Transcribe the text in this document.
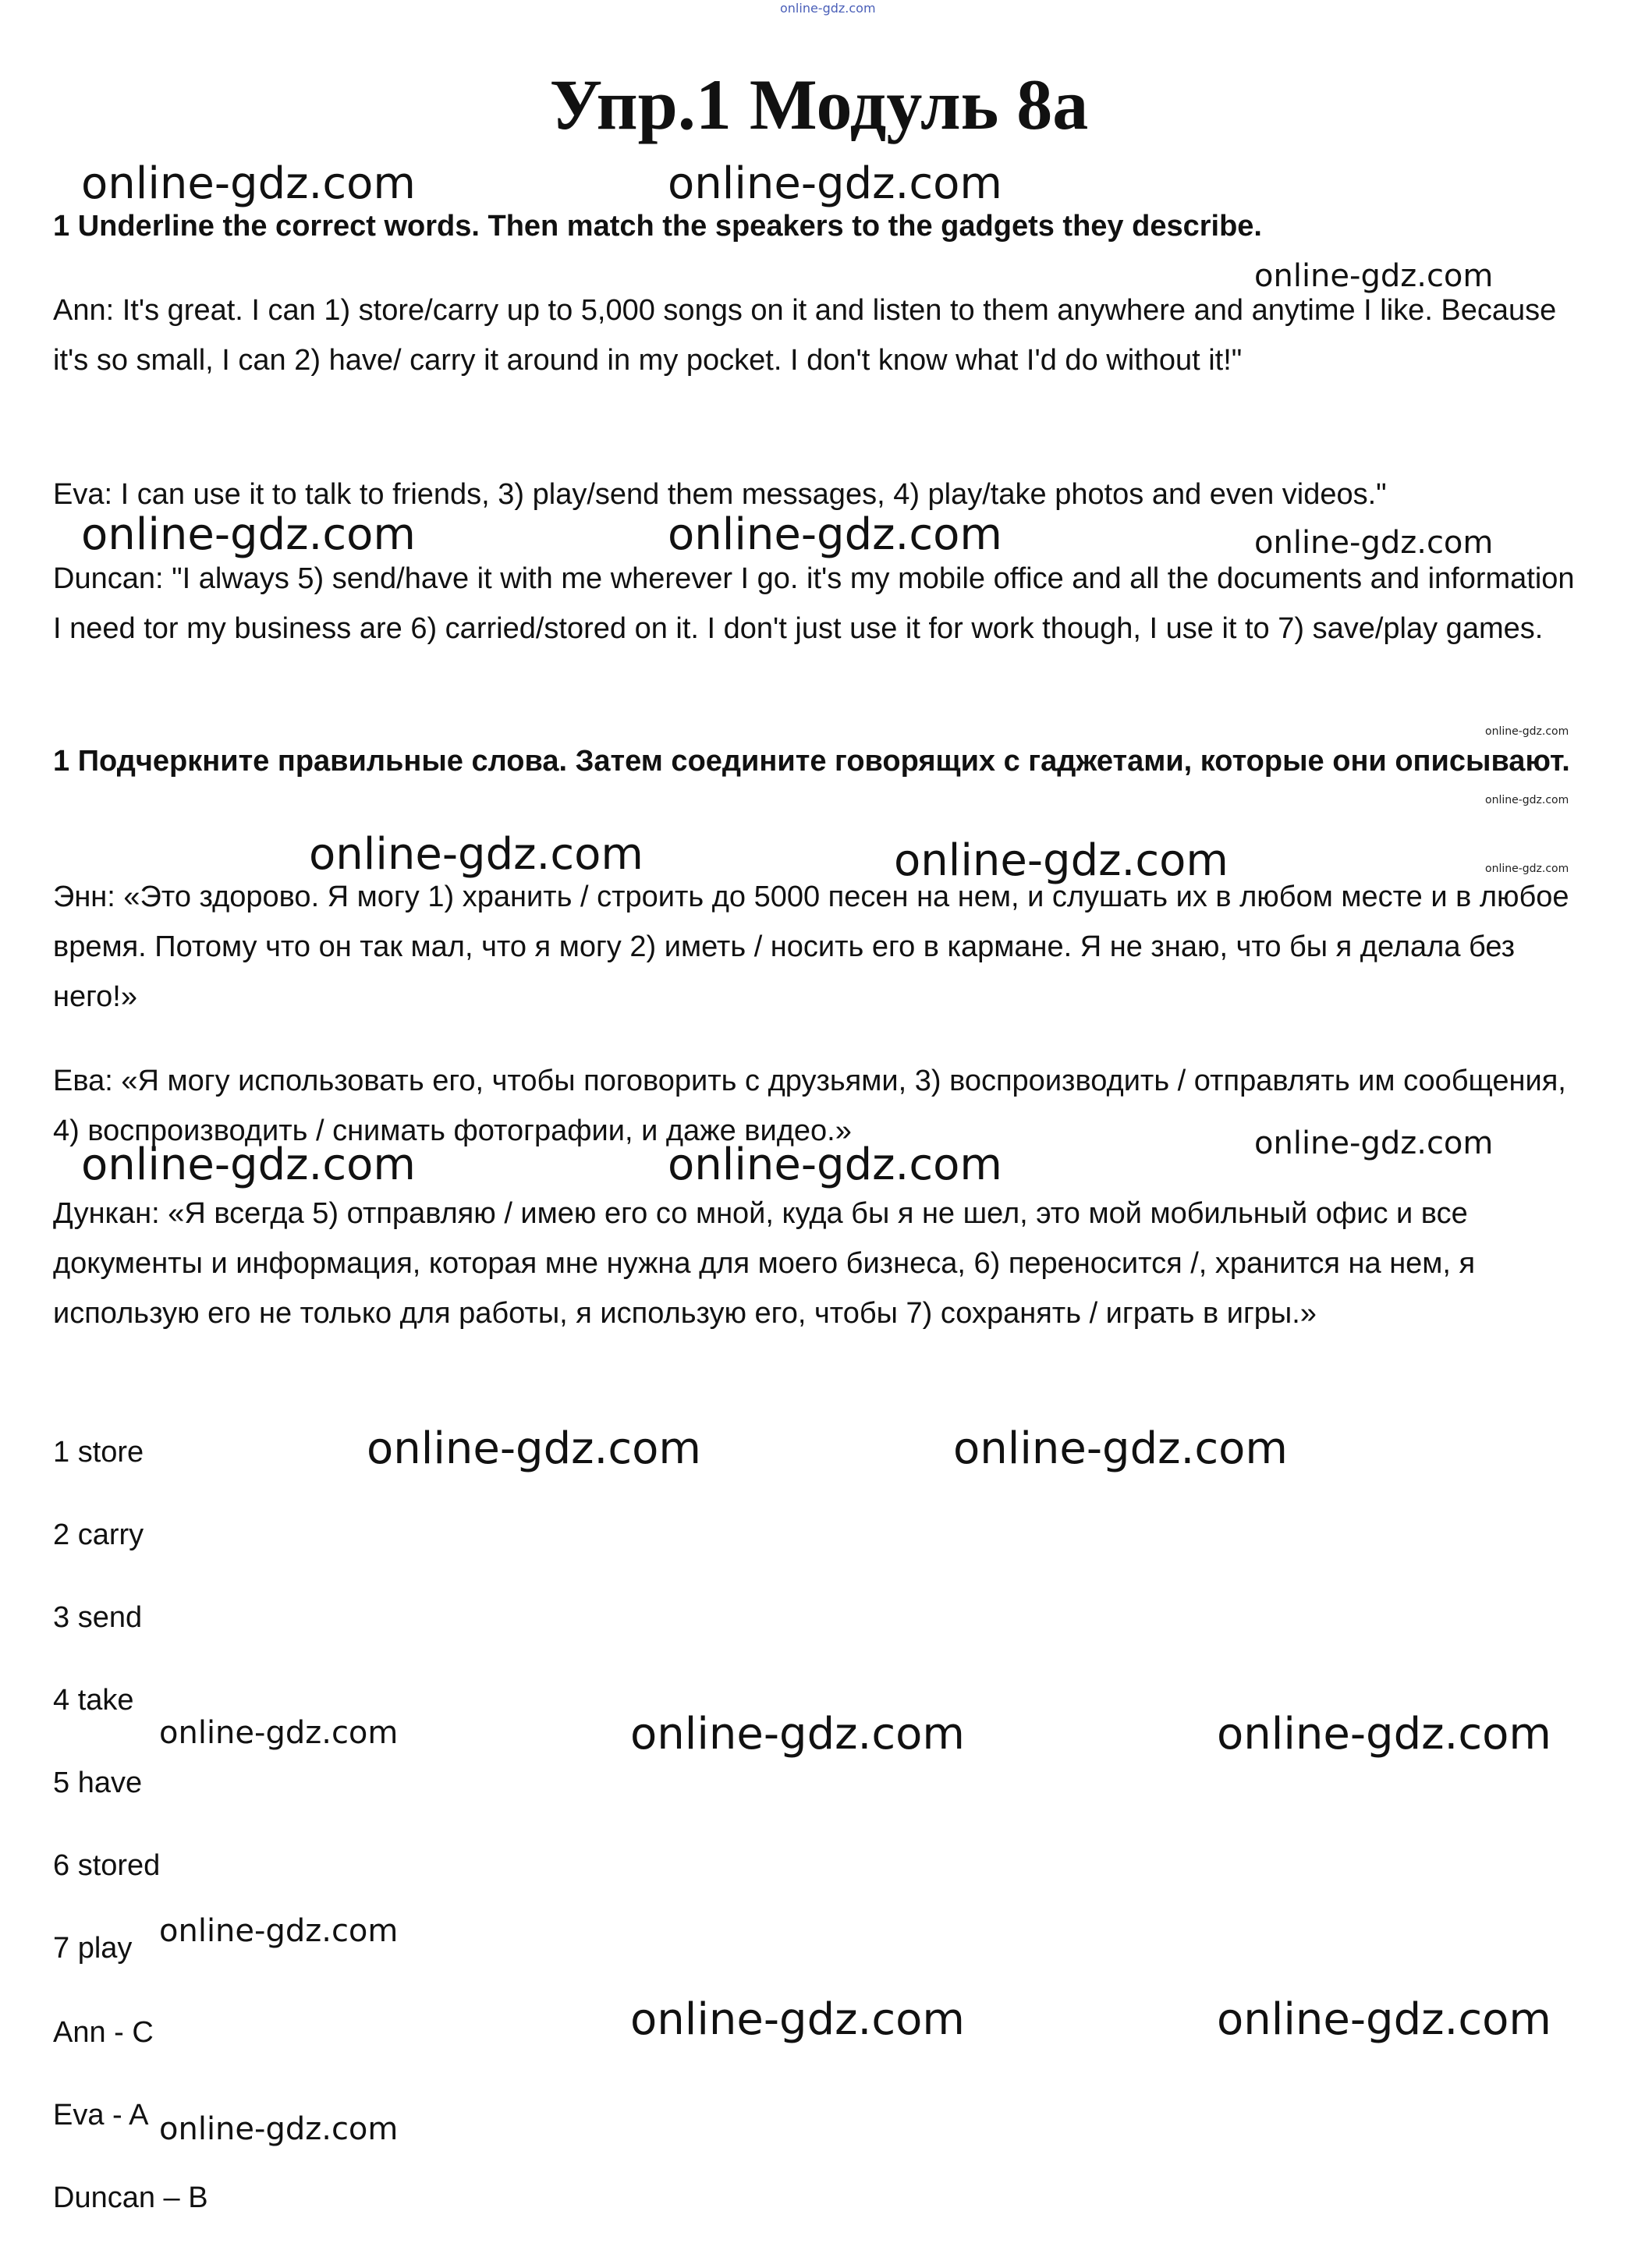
online-gdz.com
Упр.1 Модуль 8а

1 Underline the correct words. Then match the speakers to the gadgets they describe.

Ann: It's great. I can 1) store/carry up to 5,000 songs on it and listen to them anywhere and anytime I like. Because it's so small, I can 2) have/ carry it around in my pocket. I don't know what I'd do without it!"

Eva: I can use it to talk to friends, 3) play/send them messages, 4) play/take photos and even videos."

Duncan: "I always 5) send/have it with me wherever I go. it's my mobile office and all the documents and information I need tor my business are 6) carried/stored on it. I don't just use it for work though, I use it to 7) save/play games.

1 Подчеркните правильные слова. Затем соедините говорящих с гаджетами, которые они описывают.

Энн: «Это здорово. Я могу 1) хранить / строить до 5000 песен на нем, и слушать их в любом месте и в любое время. Потому что он так мал, что я могу 2) иметь / носить его в кармане. Я не знаю, что бы я делала без него!»

Ева: «Я могу использовать его, чтобы поговорить с друзьями, 3) воспроизводить / отправлять им сообщения, 4) воспроизводить / снимать фотографии, и даже видео.»

Дункан: «Я всегда 5) отправляю / имею его со мной, куда бы я не шел, это мой мобильный офис и все документы и информация, которая мне нужна для моего бизнеса, 6) переносится /, хранится на нем, я использую его не только для работы, я использую его, чтобы 7) сохранять / играть в игры.»

1 store

2 carry

3 send

4 take

5 have

6 stored

7 play

Ann - C

Eva - A

Duncan – B

online-gdz.com	online-gdz.com
online-gdz.com	online-gdz.com
online-gdz.com	online-gdz.com
online-gdz.com	online-gdz.com
online-gdz.com	online-gdz.com
online-gdz.com	online-gdz.com
online-gdz.com	online-gdz.com
online-gdz.com
online-gdz.com
online-gdz.com
online-gdz.com
online-gdz.com
online-gdz.com
online-gdz.com
online-gdz.com
online-gdz.com
